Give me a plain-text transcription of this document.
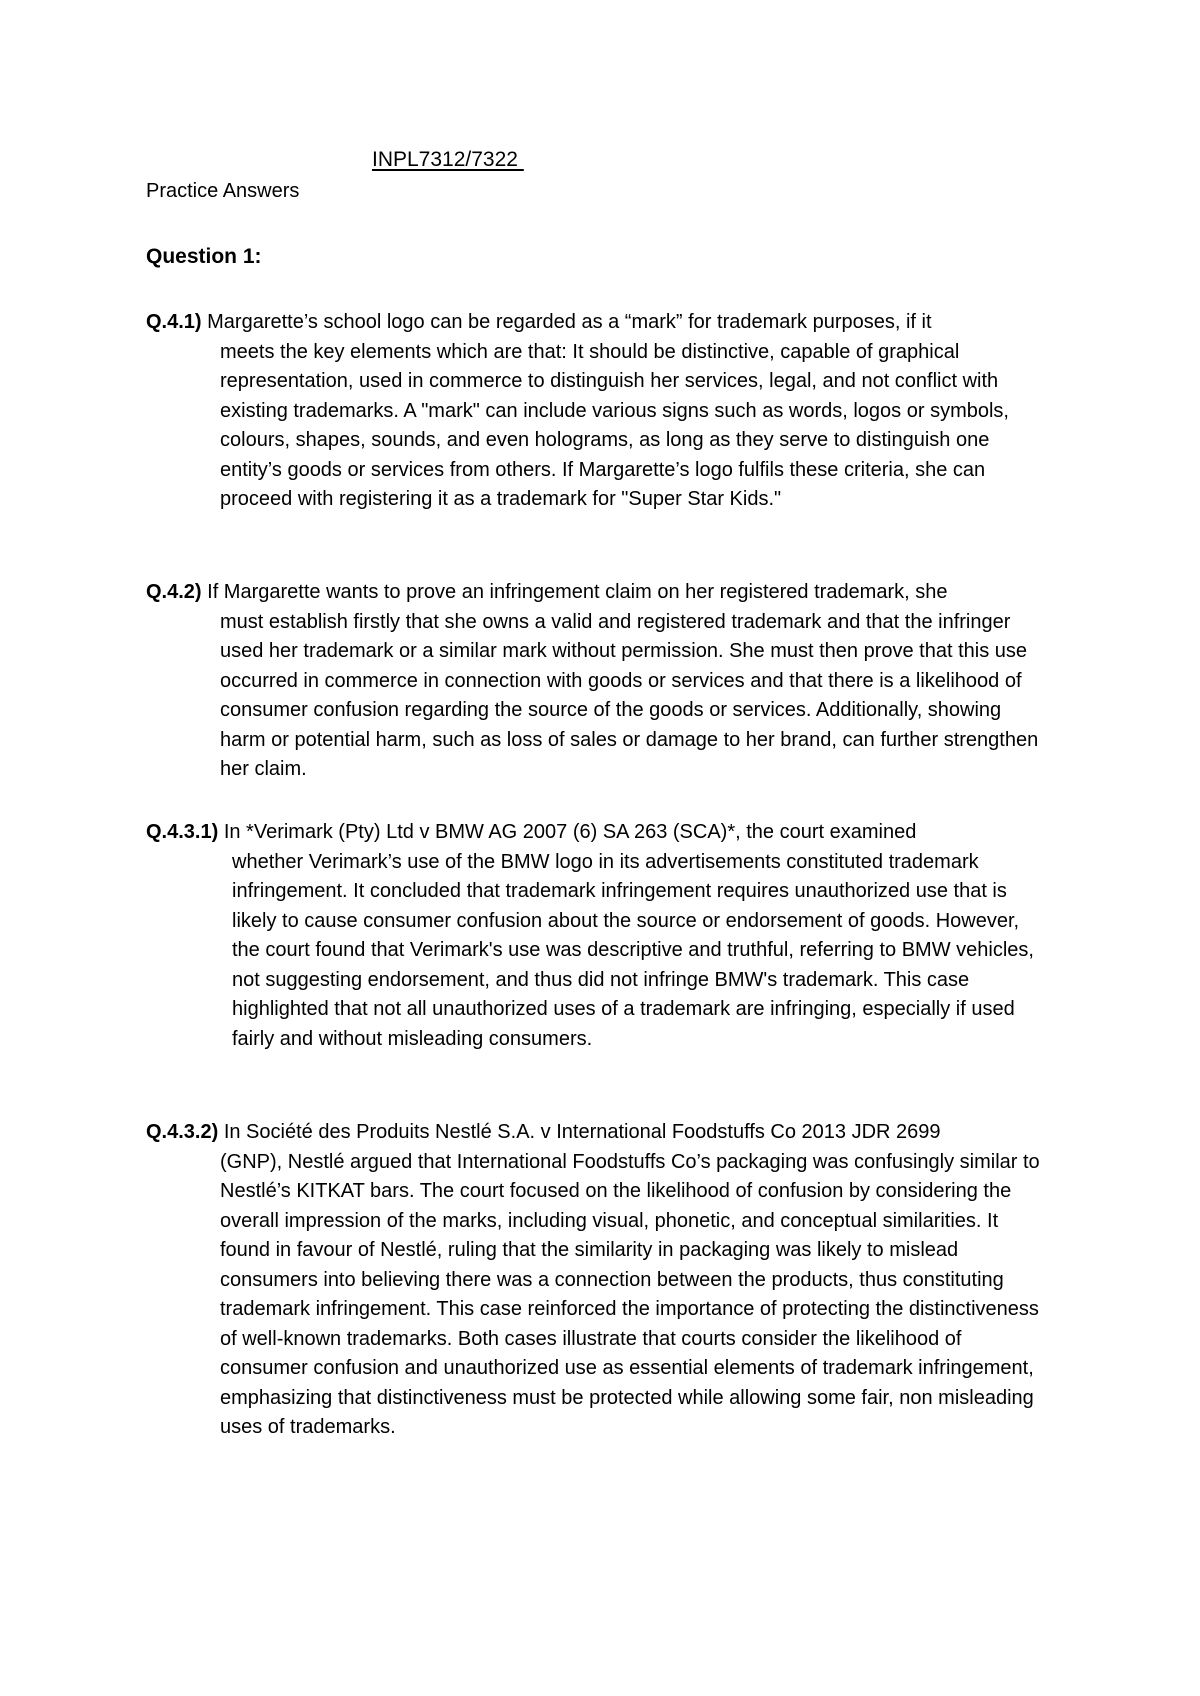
INPL7312/7322
Practice Answers
Question 1:
Q.4.1) Margarette’s school logo can be regarded as a “mark” for trademark purposes, if it
meets the key elements which are that: It should be distinctive, capable of graphical representation, used in commerce to distinguish her services, legal, and not conflict with existing trademarks. A "mark" can include various signs such as words, logos or symbols, colours, shapes, sounds, and even holograms, as long as they serve to distinguish one entity’s goods or services from others. If Margarette’s logo fulfils these criteria, she can proceed with registering it as a trademark for "Super Star Kids."
Q.4.2) If Margarette wants to prove an infringement claim on her registered trademark, she
must establish firstly that she owns a valid and registered trademark and that the infringer used her trademark or a similar mark without permission. She must then prove that this use occurred in commerce in connection with goods or services and that there is a likelihood of consumer confusion regarding the source of the goods or services. Additionally, showing harm or potential harm, such as loss of sales or damage to her brand, can further strengthen her claim.
Q.4.3.1) In *Verimark (Pty) Ltd v BMW AG 2007 (6) SA 263 (SCA)*, the court examined
whether Verimark’s use of the BMW logo in its advertisements constituted trademark infringement. It concluded that trademark infringement requires unauthorized use that is likely to cause consumer confusion about the source or endorsement of goods. However, the court found that Verimark's use was descriptive and truthful, referring to BMW vehicles, not suggesting endorsement, and thus did not infringe BMW's trademark. This case highlighted that not all unauthorized uses of a trademark are infringing, especially if used fairly and without misleading consumers.
Q.4.3.2) In Société des Produits Nestlé S.A. v International Foodstuffs Co 2013 JDR 2699
(GNP), Nestlé argued that International Foodstuffs Co’s packaging was confusingly similar to Nestlé’s KITKAT bars. The court focused on the likelihood of confusion by considering the overall impression of the marks, including visual, phonetic, and conceptual similarities. It found in favour of Nestlé, ruling that the similarity in packaging was likely to mislead consumers into believing there was a connection between the products, thus constituting trademark infringement. This case reinforced the importance of protecting the distinctiveness of well-known trademarks. Both cases illustrate that courts consider the likelihood of consumer confusion and unauthorized use as essential elements of trademark infringement, emphasizing that distinctiveness must be protected while allowing some fair, non misleading uses of trademarks.
